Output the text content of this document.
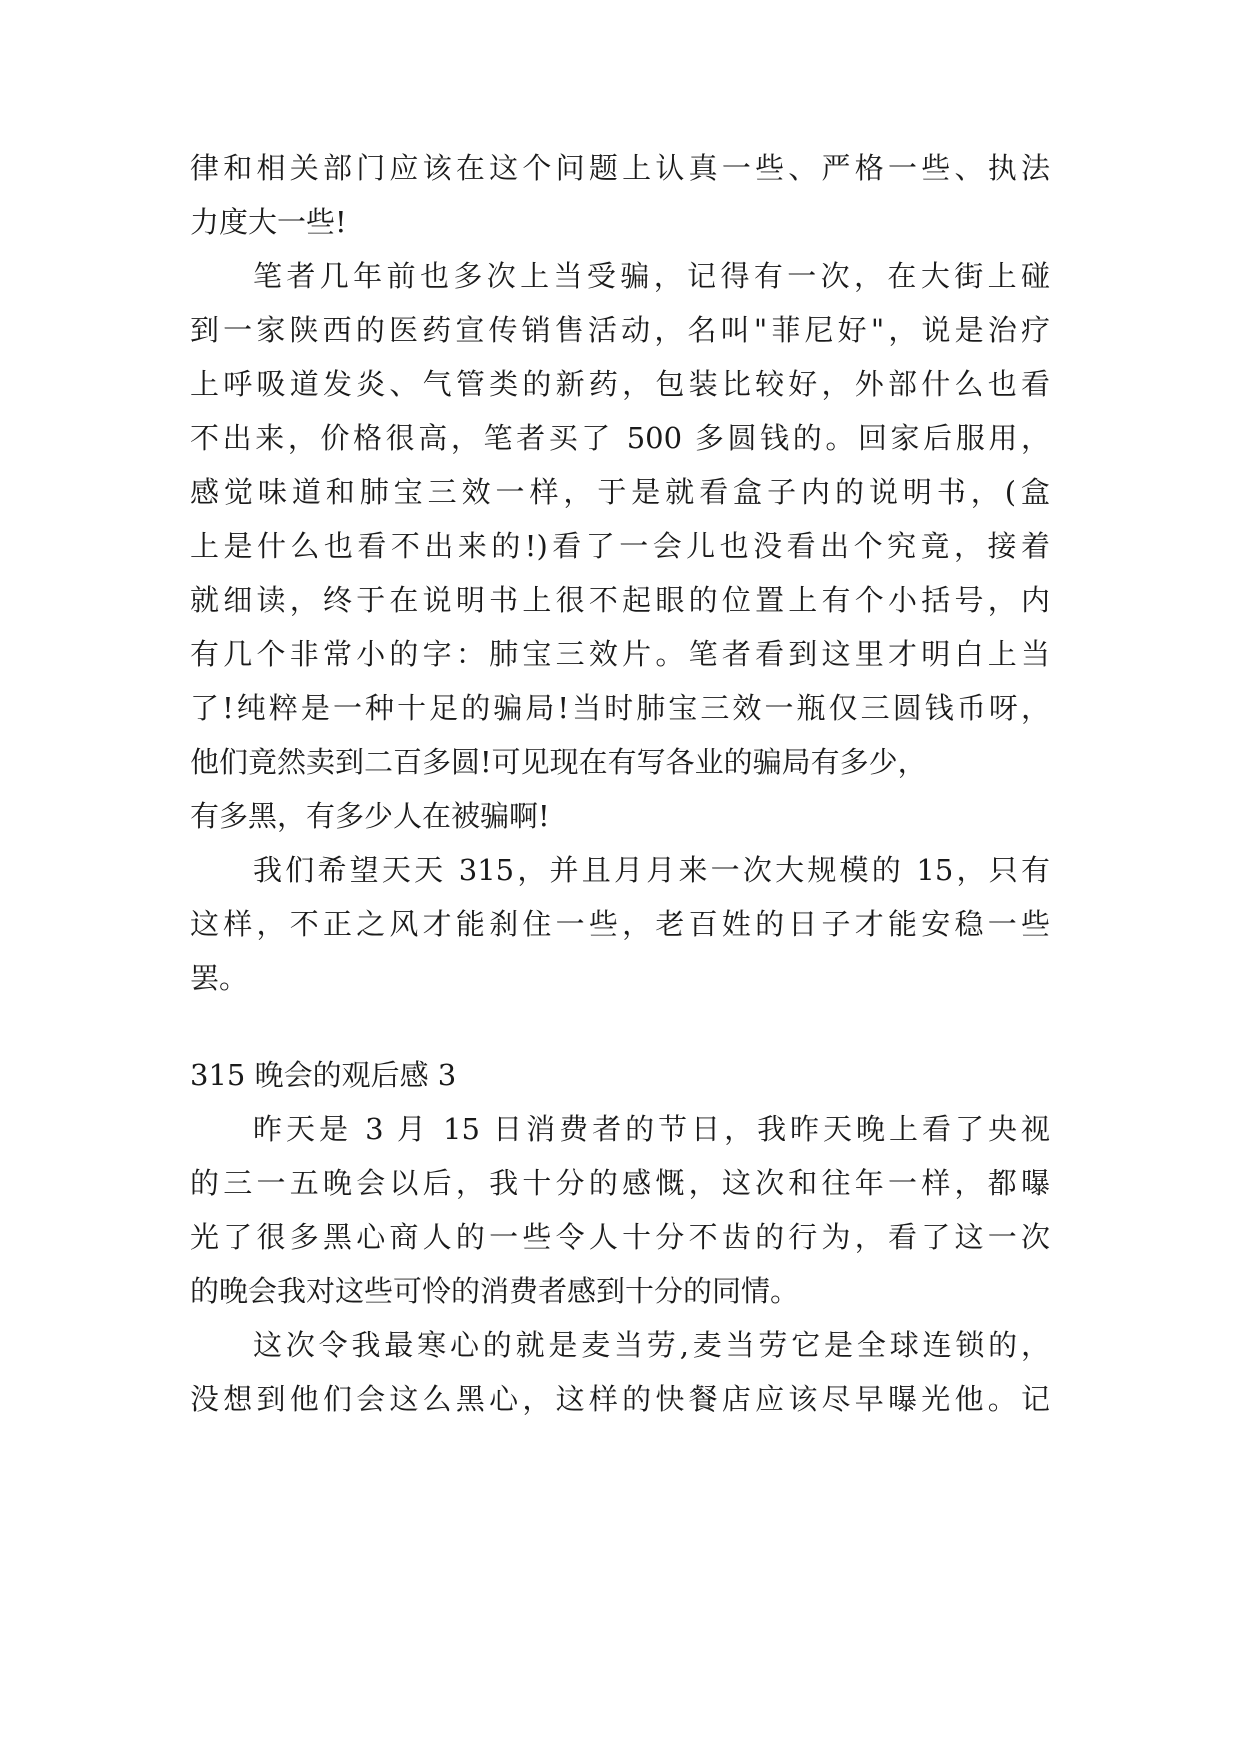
律和相关部门应该在这个问题上认真一些、严格一些、执法
力度大一些!
笔者几年前也多次上当受骗，记得有一次，在大街上碰
到一家陕西的医药宣传销售活动，名叫"菲尼好"，说是治疗
上呼吸道发炎、气管类的新药，包装比较好，外部什么也看
不出来，价格很高，笔者买了 500 多圆钱的。回家后服用，
感觉味道和肺宝三效一样，于是就看盒子内的说明书，(盒
上是什么也看不出来的!)看了一会儿也没看出个究竟，接着
就细读，终于在说明书上很不起眼的位置上有个小括号，内
有几个非常小的字：肺宝三效片。笔者看到这里才明白上当
了!纯粹是一种十足的骗局!当时肺宝三效一瓶仅三圆钱币呀，
他们竟然卖到二百多圆!可见现在有写各业的骗局有多少，
有多黑，有多少人在被骗啊!
我们希望天天 315，并且月月来一次大规模的 15，只有
这样，不正之风才能刹住一些，老百姓的日子才能安稳一些
罢。
315 晚会的观后感 3
昨天是 3 月 15 日消费者的节日，我昨天晚上看了央视
的三一五晚会以后，我十分的感慨，这次和往年一样，都曝
光了很多黑心商人的一些令人十分不齿的行为，看了这一次
的晚会我对这些可怜的消费者感到十分的同情。
这次令我最寒心的就是麦当劳,麦当劳它是全球连锁的，
没想到他们会这么黑心，这样的快餐店应该尽早曝光他。记
